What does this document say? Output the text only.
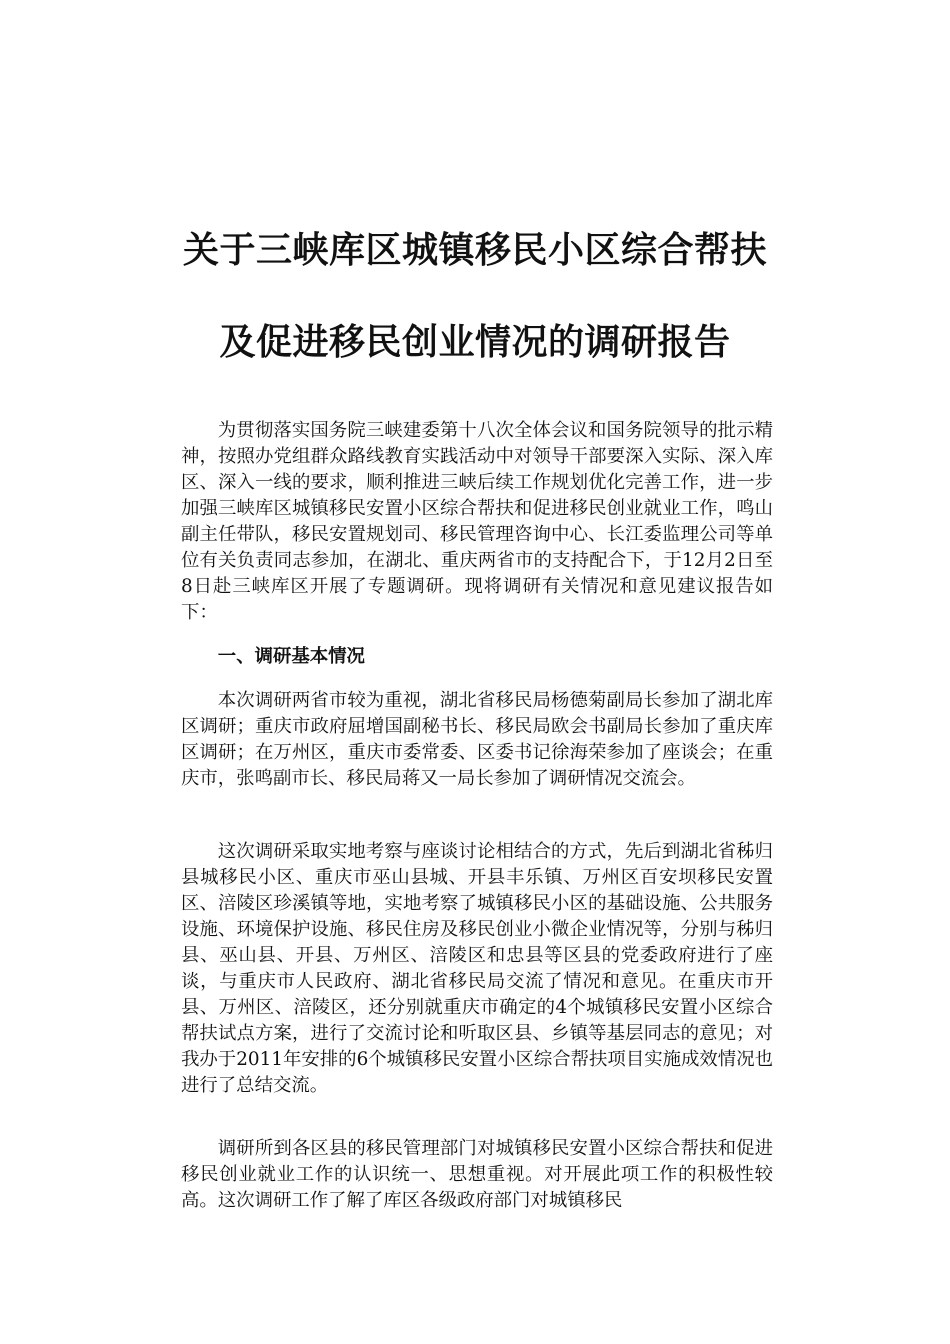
关于三峡库区城镇移民小区综合帮扶
及促进移民创业情况的调研报告

为贯彻落实国务院三峡建委第十八次全体会议和国务院领导的批示精神，按照办党组群众路线教育实践活动中对领导干部要深入实际、深入库区、深入一线的要求，顺利推进三峡后续工作规划优化完善工作，进一步加强三峡库区城镇移民安置小区综合帮扶和促进移民创业就业工作，鸣山副主任带队，移民安置规划司、移民管理咨询中心、长江委监理公司等单位有关负责同志参加，在湖北、重庆两省市的支持配合下，于12月2日至8日赴三峡库区开展了专题调研。现将调研有关情况和意见建议报告如下：

一、调研基本情况

本次调研两省市较为重视，湖北省移民局杨德菊副局长参加了湖北库区调研；重庆市政府屈增国副秘书长、移民局欧会书副局长参加了重庆库区调研；在万州区，重庆市委常委、区委书记徐海荣参加了座谈会；在重庆市，张鸣副市长、移民局蒋又一局长参加了调研情况交流会。

这次调研采取实地考察与座谈讨论相结合的方式，先后到湖北省秭归县城移民小区、重庆市巫山县城、开县丰乐镇、万州区百安坝移民安置区、涪陵区珍溪镇等地，实地考察了城镇移民小区的基础设施、公共服务设施、环境保护设施、移民住房及移民创业小微企业情况等，分别与秭归县、巫山县、开县、万州区、涪陵区和忠县等区县的党委政府进行了座谈，与重庆市人民政府、湖北省移民局交流了情况和意见。在重庆市开县、万州区、涪陵区，还分别就重庆市确定的4个城镇移民安置小区综合帮扶试点方案，进行了交流讨论和听取区县、乡镇等基层同志的意见；对我办于2011年安排的6个城镇移民安置小区综合帮扶项目实施成效情况也进行了总结交流。

调研所到各区县的移民管理部门对城镇移民安置小区综合帮扶和促进移民创业就业工作的认识统一、思想重视。对开展此项工作的积极性较高。这次调研工作了解了库区各级政府部门对城镇移民
